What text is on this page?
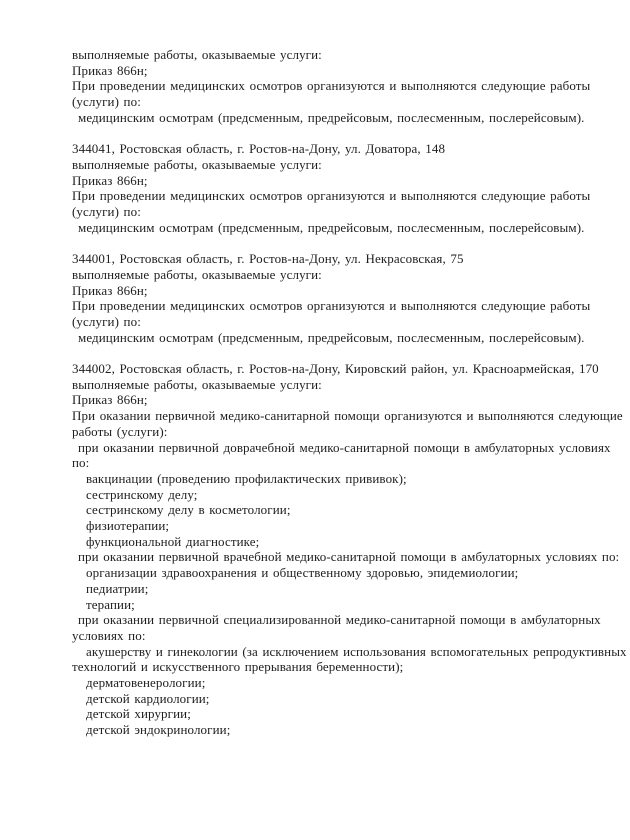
выполняемые работы, оказываемые услуги:
Приказ 866н;
При проведении медицинских осмотров организуются и выполняются следующие работы
(услуги) по:
медицинским осмотрам (предсменным, предрейсовым, послесменным, послерейсовым).
344041, Ростовская область, г. Ростов-на-Дону, ул. Доватора, 148
выполняемые работы, оказываемые услуги:
Приказ 866н;
При проведении медицинских осмотров организуются и выполняются следующие работы
(услуги) по:
медицинским осмотрам (предсменным, предрейсовым, послесменным, послерейсовым).
344001, Ростовская область, г. Ростов-на-Дону, ул. Некрасовская, 75
выполняемые работы, оказываемые услуги:
Приказ 866н;
При проведении медицинских осмотров организуются и выполняются следующие работы
(услуги) по:
медицинским осмотрам (предсменным, предрейсовым, послесменным, послерейсовым).
344002, Ростовская область, г. Ростов-на-Дону, Кировский район, ул. Красноармейская, 170
выполняемые работы, оказываемые услуги:
Приказ 866н;
При оказании первичной медико-санитарной помощи организуются и выполняются следующие
работы (услуги):
при оказании первичной доврачебной медико-санитарной помощи в амбулаторных условиях
по:
вакцинации (проведению профилактических прививок);
сестринскому делу;
сестринскому делу в косметологии;
физиотерапии;
функциональной диагностике;
при оказании первичной врачебной медико-санитарной помощи в амбулаторных условиях по:
организации здравоохранения и общественному здоровью, эпидемиологии;
педиатрии;
терапии;
при оказании первичной специализированной медико-санитарной помощи в амбулаторных
условиях по:
акушерству и гинекологии (за исключением использования вспомогательных репродуктивных
технологий и искусственного прерывания беременности);
дерматовенерологии;
детской кардиологии;
детской хирургии;
детской эндокринологии;
